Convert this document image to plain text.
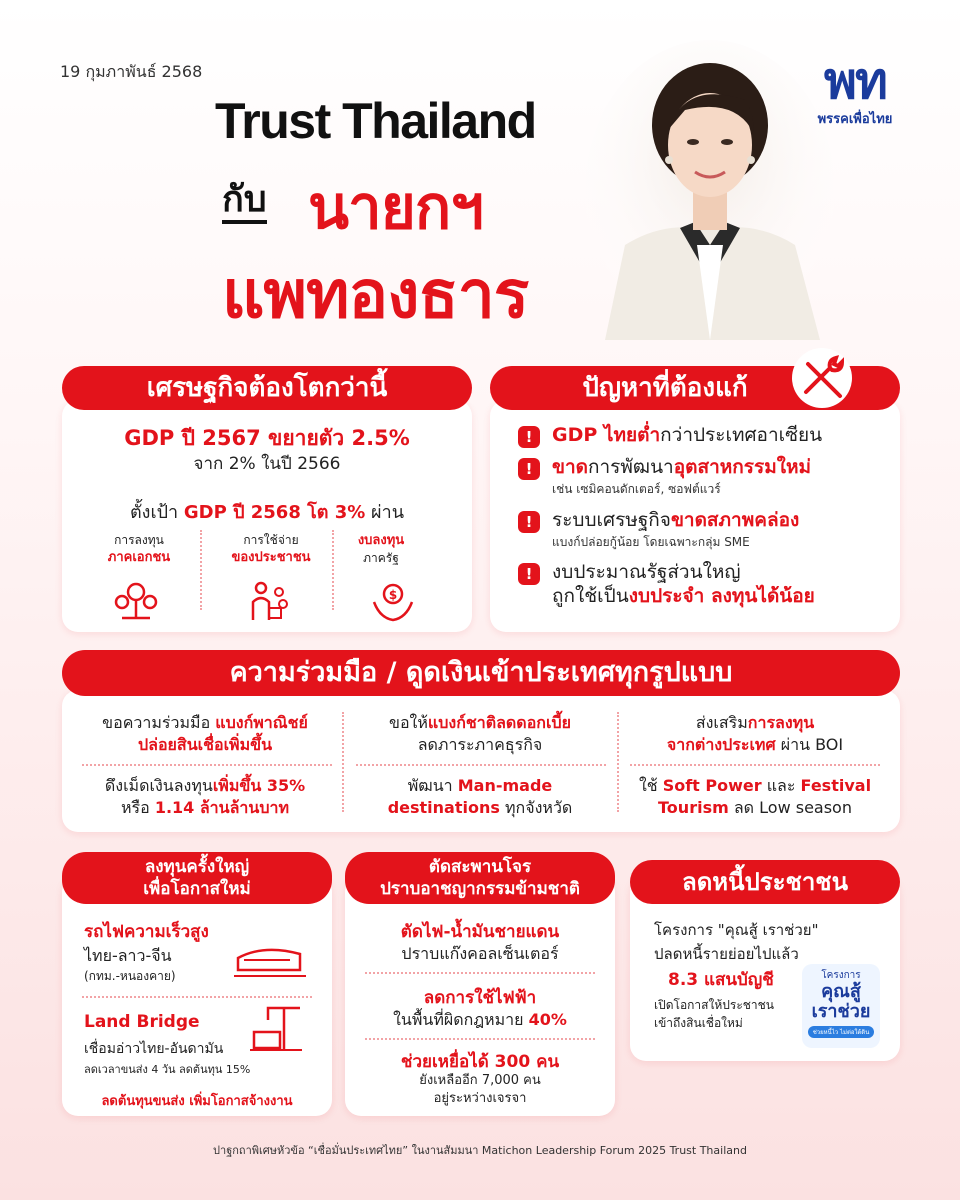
19 กุมภาพันธ์ 2568
Trust Thailand
กับ นายกฯ
แพทองธาร
พท
พรรคเพื่อไทย
เศรษฐกิจต้องโตกว่านี้
GDP ปี 2567 ขยายตัว 2.5%
จาก 2% ในปี 2566
ตั้งเป้า GDP ปี 2568 โต 3% ผ่าน
การลงทุน
ภาคเอกชน
การใช้จ่าย
ของประชาชน
งบลงทุน
ภาครัฐ
$
ปัญหาที่ต้องแก้
!	GDP ไทยต่ำกว่าประเทศอาเซียน
!	ขาดการพัฒนาอุตสาหกรรมใหม่
เช่น เซมิคอนดักเตอร์, ซอฟต์แวร์
!	ระบบเศรษฐกิจขาดสภาพคล่อง
แบงก์ปล่อยกู้น้อย โดยเฉพาะกลุ่ม SME
!	งบประมาณรัฐส่วนใหญ่
ถูกใช้เป็นงบประจำ ลงทุนได้น้อย
ความร่วมมือ / ดูดเงินเข้าประเทศทุกรูปแบบ
ขอความร่วมมือ แบงก์พาณิชย์
ปล่อยสินเชื่อเพิ่มขึ้น
ขอให้แบงก์ชาติลดดอกเบี้ย
ลดภาระภาคธุรกิจ
ส่งเสริมการลงทุน
จากต่างประเทศ ผ่าน BOI
ดึงเม็ดเงินลงทุนเพิ่มขึ้น 35%
หรือ 1.14 ล้านล้านบาท
พัฒนา Man-made
destinations ทุกจังหวัด
ใช้ Soft Power และ Festival
Tourism ลด Low season
ลงทุนครั้งใหญ่
เพื่อโอกาสใหม่
รถไฟความเร็วสูง
ไทย-ลาว-จีน
(กทม.-หนองคาย)
Land Bridge
เชื่อมอ่าวไทย-อันดามัน
ลดเวลาขนส่ง 4 วัน ลดต้นทุน 15%
ลดต้นทุนขนส่ง เพิ่มโอกาสจ้างงาน
ตัดสะพานโจร
ปราบอาชญากรรมข้ามชาติ
ตัดไฟ-น้ำมันชายแดน
ปราบแก๊งคอลเซ็นเตอร์
ลดการใช้ไฟฟ้า
ในพื้นที่ผิดกฎหมาย 40%
ช่วยเหยื่อได้ 300 คน
ยังเหลืออีก 7,000 คน
อยู่ระหว่างเจรจา
ลดหนี้ประชาชน
โครงการ "คุณสู้ เราช่วย"
ปลดหนี้รายย่อยไปแล้ว
8.3 แสนบัญชี
เปิดโอกาสให้ประชาชน
เข้าถึงสินเชื่อใหม่
โครงการ
คุณสู้
เราช่วย
ช่วยหนี้ไว ไม่ต่อใต้ดิน
ปาฐกถาพิเศษหัวข้อ “เชื่อมั่นประเทศไทย” ในงานสัมมนา Matichon Leadership Forum 2025 Trust Thailand
